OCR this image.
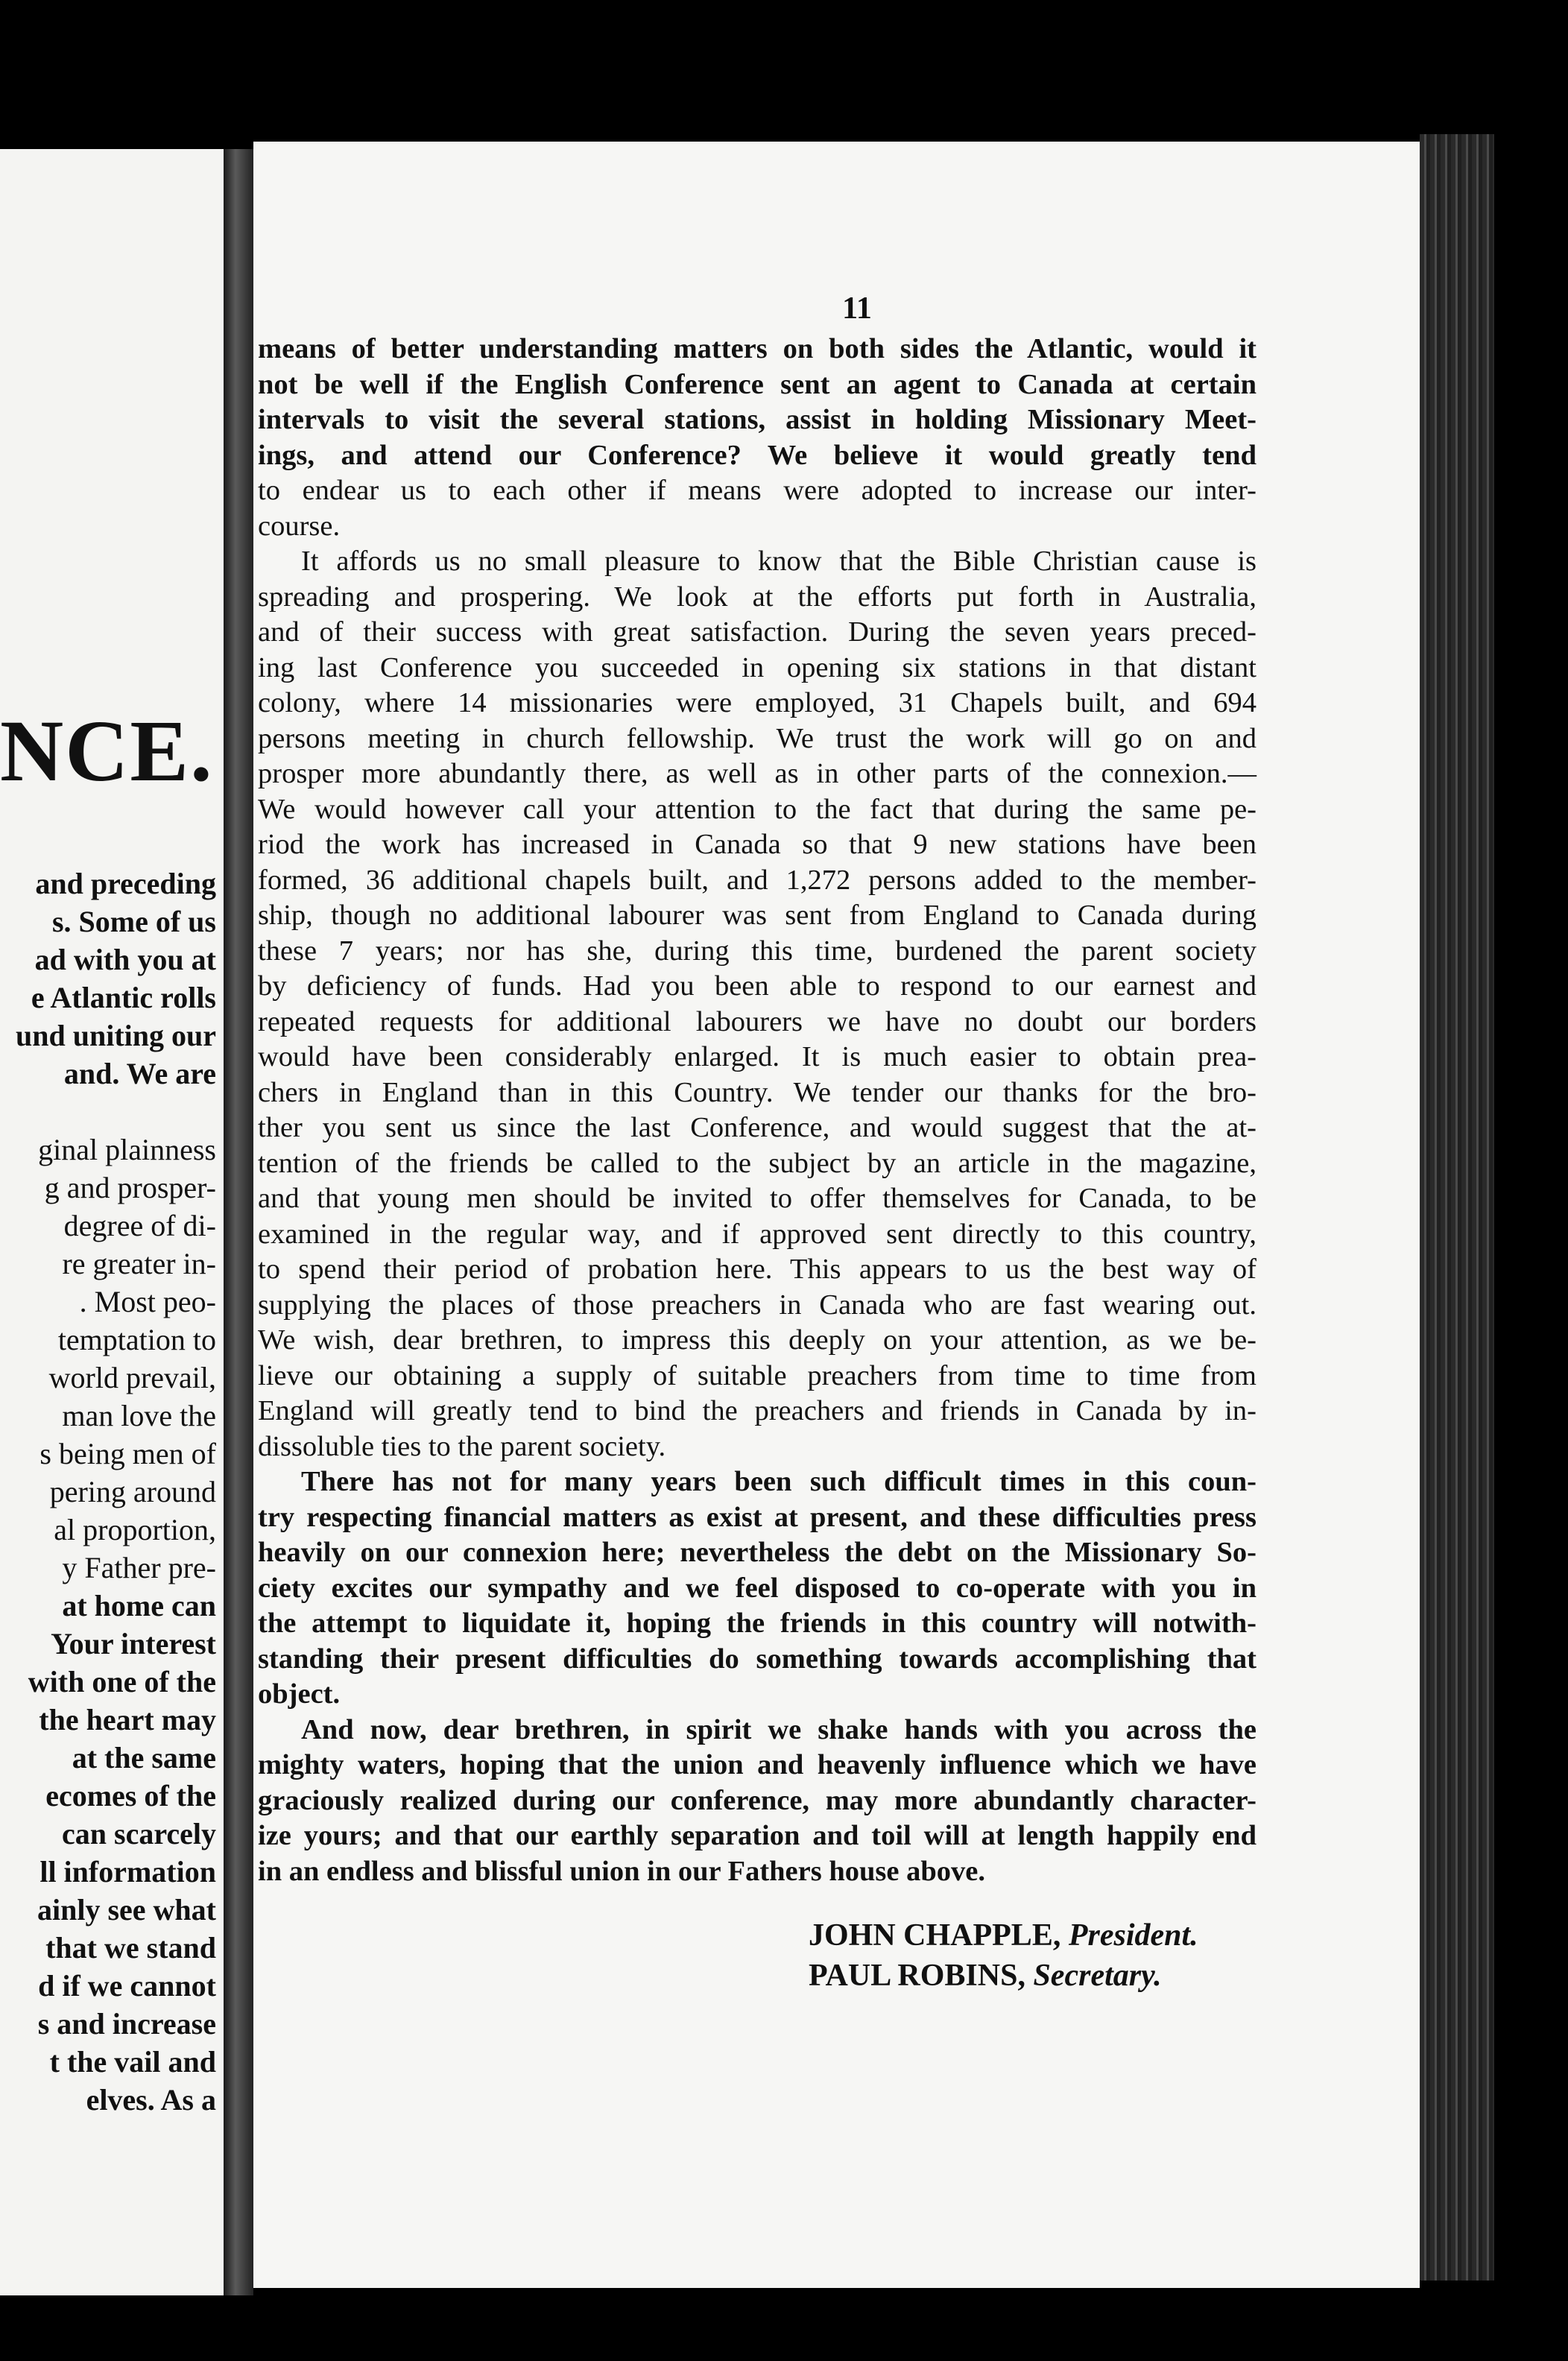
NCE.
and preceding
s. Some of us
ad with you at
e Atlantic rolls
und uniting our
and. We are

ginal plainness
g and prosper-
degree of di-
re greater in-
. Most peo-
temptation to
world prevail,
man love the
s being men of
pering around
al proportion,
y Father pre-
at home can
Your interest
with one of the
the heart may
at the same
ecomes of the
can scarcely
ll information
ainly see what
that we stand
d if we cannot
s and increase
t the vail and
elves. As a
11
means of better understanding matters on both sides the Atlantic, would it
not be well if the English Conference sent an agent to Canada at certain
intervals to visit the several stations, assist in holding Missionary Meet-
ings, and attend our Conference? We believe it would greatly tend
to endear us to each other if means were adopted to increase our inter-
course.
It affords us no small pleasure to know that the Bible Christian cause is
spreading and prospering. We look at the efforts put forth in Australia,
and of their success with great satisfaction. During the seven years preced-
ing last Conference you succeeded in opening six stations in that distant
colony, where 14 missionaries were employed, 31 Chapels built, and 694
persons meeting in church fellowship. We trust the work will go on and
prosper more abundantly there, as well as in other parts of the connexion.—
We would however call your attention to the fact that during the same pe-
riod the work has increased in Canada so that 9 new stations have been
formed, 36 additional chapels built, and 1,272 persons added to the member-
ship, though no additional labourer was sent from England to Canada during
these 7 years; nor has she, during this time, burdened the parent society
by deficiency of funds. Had you been able to respond to our earnest and
repeated requests for additional labourers we have no doubt our borders
would have been considerably enlarged. It is much easier to obtain prea-
chers in England than in this Country. We tender our thanks for the bro-
ther you sent us since the last Conference, and would suggest that the at-
tention of the friends be called to the subject by an article in the magazine,
and that young men should be invited to offer themselves for Canada, to be
examined in the regular way, and if approved sent directly to this country,
to spend their period of probation here. This appears to us the best way of
supplying the places of those preachers in Canada who are fast wearing out.
We wish, dear brethren, to impress this deeply on your attention, as we be-
lieve our obtaining a supply of suitable preachers from time to time from
England will greatly tend to bind the preachers and friends in Canada by in-
dissoluble ties to the parent society.
There has not for many years been such difficult times in this coun-
try respecting financial matters as exist at present, and these difficulties press
heavily on our connexion here; nevertheless the debt on the Missionary So-
ciety excites our sympathy and we feel disposed to co-operate with you in
the attempt to liquidate it, hoping the friends in this country will notwith-
standing their present difficulties do something towards accomplishing that
object.
And now, dear brethren, in spirit we shake hands with you across the
mighty waters, hoping that the union and heavenly influence which we have
graciously realized during our conference, may more abundantly character-
ize yours; and that our earthly separation and toil will at length happily end
in an endless and blissful union in our Fathers house above.
JOHN CHAPPLE, President.
PAUL ROBINS, Secretary.
